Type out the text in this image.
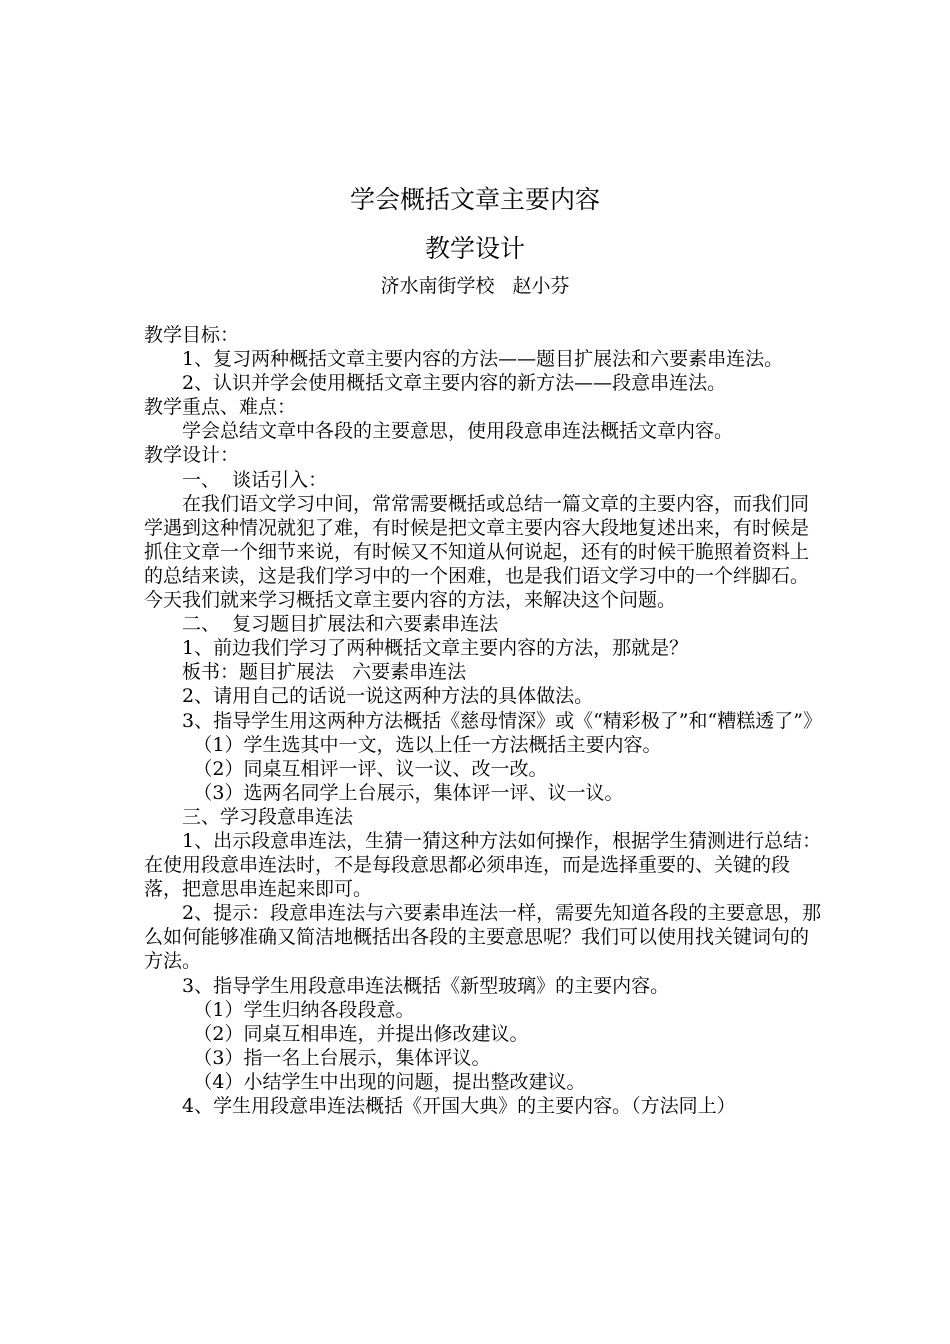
学会概括文章主要内容
教学设计
济水南街学校   赵小芬

教学目标：

1、复习两种概括文章主要内容的方法——题目扩展法和六要素串连法。

2、认识并学会使用概括文章主要内容的新方法——段意串连法。

教学重点、难点：

学会总结文章中各段的主要意思，使用段意串连法概括文章内容。

教学设计：

一、  谈话引入：

在我们语文学习中间，常常需要概括或总结一篇文章的主要内容，而我们同学遇到这种情况就犯了难，有时候是把文章主要内容大段地复述出来，有时候是抓住文章一个细节来说，有时候又不知道从何说起，还有的时候干脆照着资料上的总结来读，这是我们学习中的一个困难，也是我们语文学习中的一个绊脚石。今天我们就来学习概括文章主要内容的方法，来解决这个问题。

二、  复习题目扩展法和六要素串连法

1、前边我们学习了两种概括文章主要内容的方法，那就是？

板书：题目扩展法   六要素串连法

2、请用自己的话说一说这两种方法的具体做法。

3、指导学生用这两种方法概括《慈母情深》或《“精彩极了”和“糟糕透了”》

（1）学生选其中一文，选以上任一方法概括主要内容。

（2）同桌互相评一评、议一议、改一改。

（3）选两名同学上台展示，集体评一评、议一议。

三、学习段意串连法

1、出示段意串连法，生猜一猜这种方法如何操作，根据学生猜测进行总结：在使用段意串连法时，不是每段意思都必须串连，而是选择重要的、关键的段落，把意思串连起来即可。

2、提示：段意串连法与六要素串连法一样，需要先知道各段的主要意思，那么如何能够准确又简洁地概括出各段的主要意思呢？我们可以使用找关键词句的方法。

3、指导学生用段意串连法概括《新型玻璃》的主要内容。

（1）学生归纳各段段意。

（2）同桌互相串连，并提出修改建议。

（3）指一名上台展示，集体评议。

（4）小结学生中出现的问题，提出整改建议。

4、学生用段意串连法概括《开国大典》的主要内容。（方法同上）
